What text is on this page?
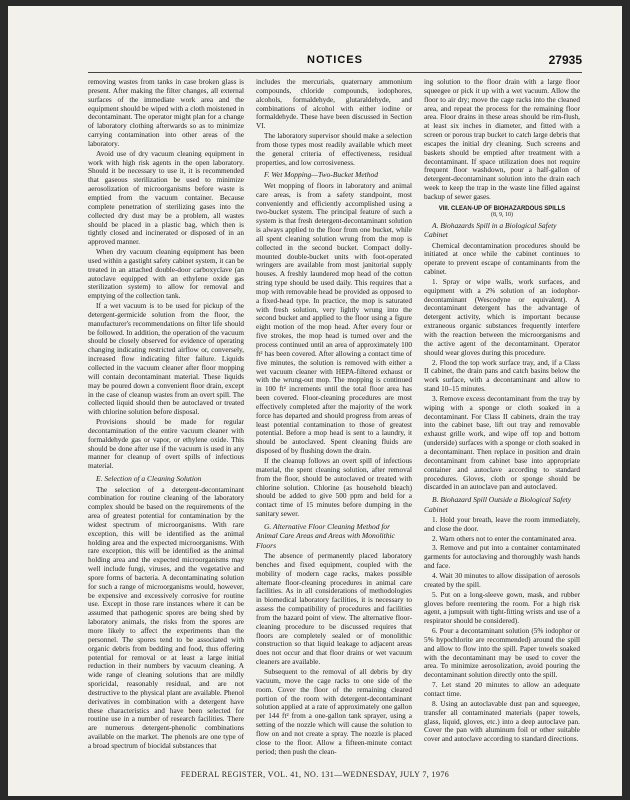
NOTICES	27935

removing wastes from tanks in case broken glass is present. After making the filter changes, all external surfaces of the immediate work area and the equipment should be wiped with a cloth moistened in decontaminant. The operator might plan for a change of laboratory clothing afterwards so as to minimize carrying contamination into other areas of the laboratory.

Avoid use of dry vacuum cleaning equipment in work with high risk agents in the open laboratory. Should it be necessary to use it, it is recommended that gaseous sterilization be used to minimize aerosolization of microorganisms before waste is emptied from the vacuum container. Because complete penetration of sterilizing gases into the collected dry dust may be a problem, all wastes should be placed in a plastic bag, which then is tightly closed and incinerated or disposed of in an approved manner.

When dry vacuum cleaning equipment has been used within a gastight safety cabinet system, it can be treated in an attached double-door carboxyclave (an autoclave equipped with an ethylene oxide gas sterilization system) to allow for removal and emptying of the collection tank.

If a wet vacuum is to be used for pickup of the detergent-germicide solution from the floor, the manufacturer's recommendations on filter life should be followed. In addition, the operation of the vacuum should be closely observed for evidence of operating changing indicating restricted airflow or, conversely, increased flow indicating filter failure. Liquids collected in the vacuum cleaner after floor mopping will contain decontaminant material. These liquids may be poured down a convenient floor drain, except in the case of cleanup wastes from an overt spill. The collected liquid should then be autoclaved or treated with chlorine solution before disposal.

Provisions should be made for regular decontamination of the entire vacuum cleaner with formaldehyde gas or vapor, or ethylene oxide. This should be done after use if the vacuum is used in any manner for cleanup of overt spills of infectious material.

E. Selection of a Cleaning Solution

The selection of a detergent-decontaminant combination for routine cleaning of the laboratory complex should be based on the requirements of the area of greatest potential for contamination by the widest spectrum of microorganisms. With rare exception, this will be identified as the animal holding area and the expected microorganisms. With rare exception, this will be identified as the animal holding area and the expected microorganisms may well include fungi, viruses, and the vegetative and spore forms of bacteria. A decontaminating solution for such a range of microorganisms would, however, be expensive and excessively corrosive for routine use. Except in those rare instances where it can be assumed that pathogenic spores are being shed by laboratory animals, the risks from the spores are more likely to affect the experiments than the personnel. The spores tend to be associated with organic debris from bedding and food, thus offering potential for removal or at least a large initial reduction in their numbers by vacuum cleaning. A wide range of cleaning solutions that are mildly sporicidal, reasonably residual, and are not destructive to the physical plant are available. Phenol derivatives in combination with a detergent have these characteristics and have been selected for routine use in a number of research facilities. There are numerous detergent-phenolic combinations available on the market. The phenols are one type of a broad spectrum of biocidal substances that

includes the mercurials, quaternary ammonium compounds, chloride compounds, iodophores, alcohols, formaldehyde, glutaraldehyde, and combinations of alcohol with either iodine or formaldehyde. These have been discussed in Section VI.

The laboratory supervisor should make a selection from those types most readily available which meet the general criteria of effectiveness, residual properties, and low corrosiveness.

F. Wet Mopping—Two-Bucket Method

Wet mopping of floors in laboratory and animal care areas, is from a safety standpoint, most conveniently and efficiently accomplished using a two-bucket system. The principal feature of such a system is that fresh detergent-decontaminant solution is always applied to the floor from one bucket, while all spent cleaning solution wrung from the mop is collected in the second bucket. Compact dolly-mounted double-bucket units with foot-operated wringers are available from most janitorial supply houses. A freshly laundered mop head of the cotton string type should be used daily. This requires that a mop with removable head be provided as opposed to a fixed-head type. In practice, the mop is saturated with fresh solution, very lightly wrung into the second bucket and applied to the floor using a figure eight motion of the mop head. After every four or five strokes, the mop head is turned over and the process continued until an area of approximately 100 ft² has been covered. After allowing a contact time of five minutes, the solution is removed with either a wet vacuum cleaner with HEPA-filtered exhaust or with the wrung-out mop. The mopping is continued in 100 ft² increments until the total floor area has been covered. Floor-cleaning procedures are most effectively completed after the majority of the work force has departed and should progress from areas of least potential contamination to those of greatest potential. Before a mop head is sent to a laundry, it should be autoclaved. Spent cleaning fluids are disposed of by flushing down the drain.

If the cleanup follows an overt spill of infectious material, the spent cleaning solution, after removal from the floor, should be autoclaved or treated with chlorine solution. Chlorine (as household bleach) should be added to give 500 ppm and held for a contact time of 15 minutes before dumping in the sanitary sewer.

G. Alternative Floor Cleaning Method for Animal Care Areas and Areas with Monolithic Floors

The absence of permanently placed laboratory benches and fixed equipment, coupled with the mobility of modern cage racks, makes possible alternate floor-cleaning procedures in animal care facilities. As in all considerations of methodologies in biomedical laboratory facilities, it is necessary to assess the compatibility of procedures and facilities from the hazard point of view. The alternative floor-cleaning procedure to be discussed requires that floors are completely sealed or of monolithic construction so that liquid leakage to adjacent areas does not occur and that floor drains or wet vacuum cleaners are available.

Subsequent to the removal of all debris by dry vacuum, move the cage racks to one side of the room. Cover the floor of the remaining cleared portion of the room with detergent-decontaminant solution applied at a rate of approximately one gallon per 144 ft² from a one-gallon tank sprayer, using a setting of the nozzle which will cause the solution to flow on and not create a spray. The nozzle is placed close to the floor. Allow a fifteen-minute contact period; then push the clean-

ing solution to the floor drain with a large floor squeegee or pick it up with a wet vacuum. Allow the floor to air dry; move the cage racks into the cleaned area, and repeat the process for the remaining floor area. Floor drains in these areas should be rim-flush, at least six inches in diameter, and fitted with a screen or porous trap bucket to catch large debris that escapes the initial dry cleaning. Such screens and baskets should be emptied after treatment with a decontaminant. If space utilization does not require frequent floor washdown, pour a half-gallon of detergent-decontaminant solution into the drain each week to keep the trap in the waste line filled against backup of sewer gases.

VIII. CLEAN-UP OF BIOHAZARDOUS SPILLS

(8, 9, 10)

A. Biohazards Spill in a Biological Safety Cabinet

Chemical decontamination procedures should be initiated at once while the cabinet continues to operate to prevent escape of contaminants from the cabinet.

1. Spray or wipe walls, work surfaces, and equipment with a 2% solution of an iodophor-decontaminant (Wescodyne or equivalent). A decontaminant detergent has the advantage of detergent activity, which is important because extraneous organic substances frequently interfere with the reaction between the microorganisms and the active agent of the decontaminant. Operator should wear gloves during this procedure.

2. Flood the top work surface tray, and, if a Class II cabinet, the drain pans and catch basins below the work surface, with a decontaminant and allow to stand 10–15 minutes.

3. Remove excess decontaminant from the tray by wiping with a sponge or cloth soaked in a decontaminant. For Class II cabinets, drain the tray into the cabinet base, lift out tray and removable exhaust grille work, and wipe off top and bottom (underside) surfaces with a sponge or cloth soaked in a decontaminant. Then replace in position and drain decontaminant from cabinet base into appropriate container and autoclave according to standard procedures. Gloves, cloth or sponge should be discarded in an autoclave pan and autoclaved.

B. Biohazard Spill Outside a Biological Safety Cabinet

1. Hold your breath, leave the room immediately, and close the door.

2. Warn others not to enter the contaminated area.

3. Remove and put into a container contaminated garments for autoclaving and thoroughly wash hands and face.

4. Wait 30 minutes to allow dissipation of aerosols created by the spill.

5. Put on a long-sleeve gown, mask, and rubber gloves before reentering the room. For a high risk agent, a jumpsuit with tight-fitting wrists and use of a respirator should be considered).

6. Pour a decontaminant solution (5% iodophor or 5% hypochlorite are recommended) around the spill and allow to flow into the spill. Paper towels soaked with the decontaminant may be used to cover the area. To minimize aerosolization, avoid pouring the decontaminant solution directly onto the spill.

7. Let stand 20 minutes to allow an adequate contact time.

8. Using an autoclavable dust pan and squeegee, transfer all contaminated materials (paper towels, glass, liquid, gloves, etc.) into a deep autoclave pan. Cover the pan with aluminum foil or other suitable cover and autoclave according to standard directions.

FEDERAL REGISTER, VOL. 41, NO. 131—WEDNESDAY, JULY 7, 1976
